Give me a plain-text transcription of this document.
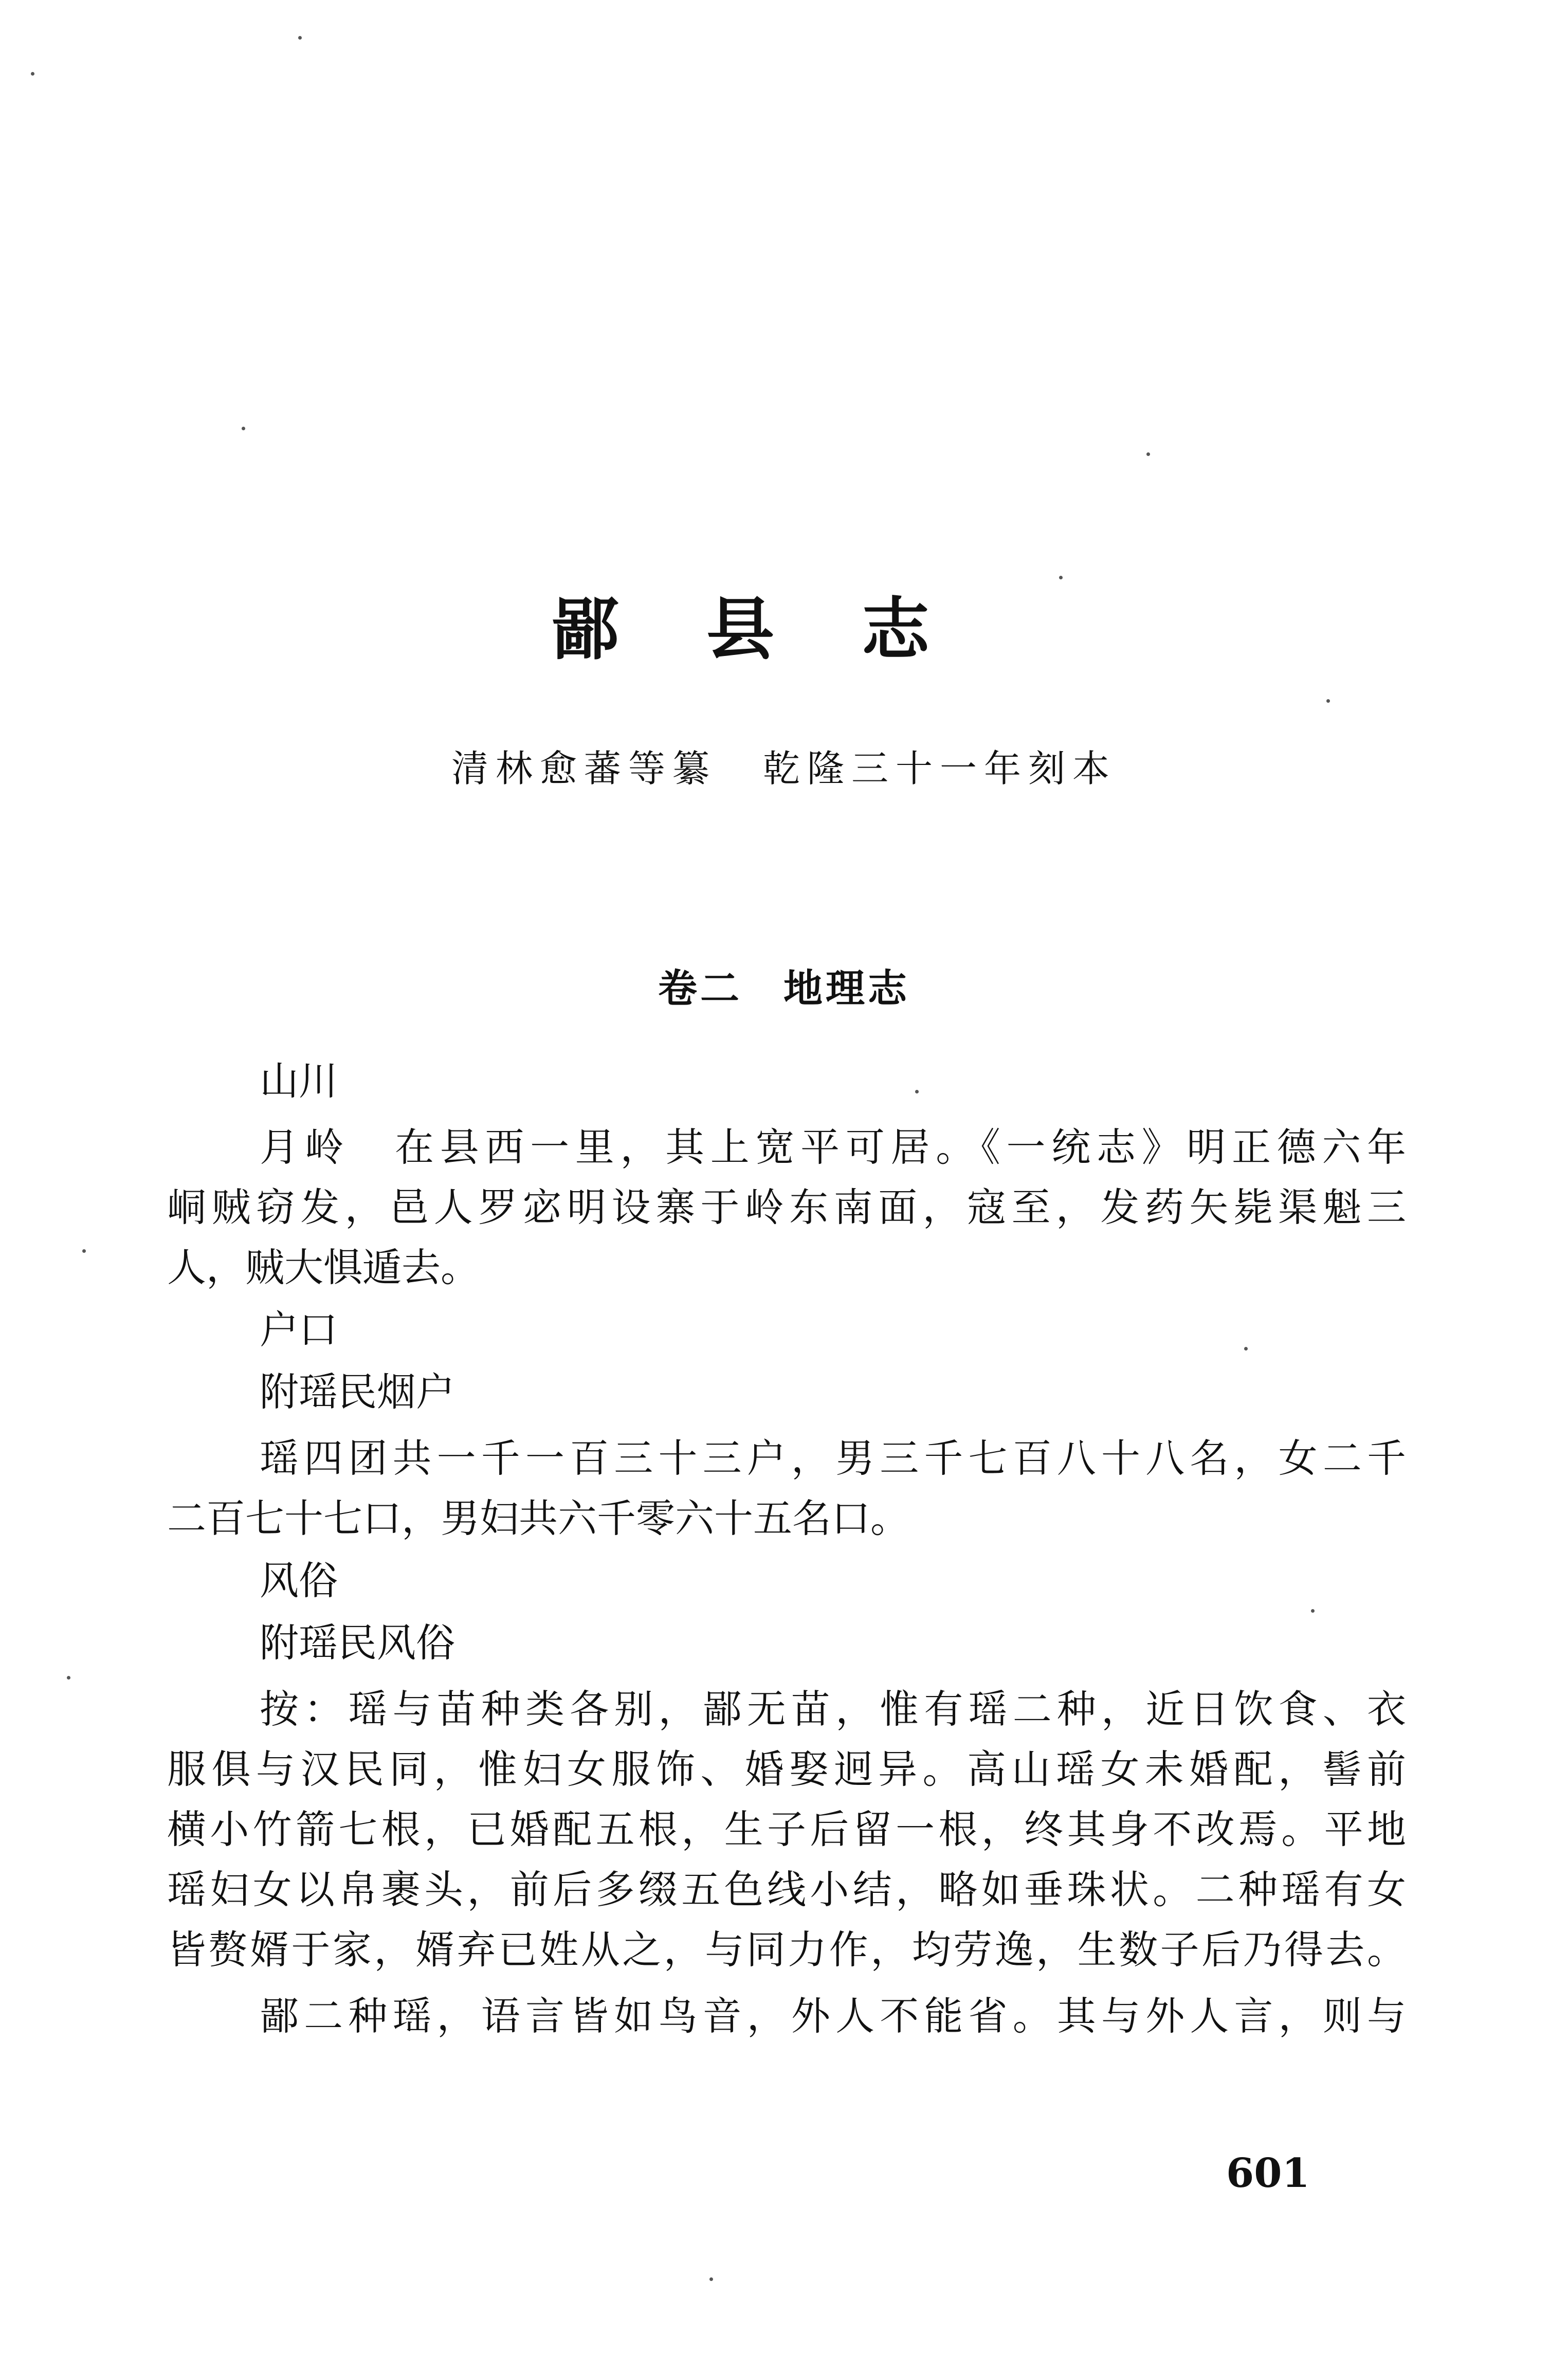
鄙县志
清林愈蕃等纂 乾隆三十一年刻本
卷二 地理志
山川
月岭　在县西一里，其上宽平可居。《一统志》明正德六年
峒贼窃发，邑人罗宓明设寨于岭东南面，寇至，发药矢毙渠魁三
人，贼大惧遁去。
户口
附瑶民烟户
瑶四团共一千一百三十三户，男三千七百八十八名，女二千
二百七十七口，男妇共六千零六十五名口。
风俗
附瑶民风俗
按：瑶与苗种类各别，鄙无苗，惟有瑶二种，近日饮食、衣
服俱与汉民同，惟妇女服饰、婚娶迥异。高山瑶女未婚配，髻前
横小竹箭七根，已婚配五根，生子后留一根，终其身不改焉。平地
瑶妇女以帛裹头，前后多缀五色线小结，略如垂珠状。二种瑶有女
皆赘婿于家，婿弃已姓从之，与同力作，均劳逸，生数子后乃得去。
鄙二种瑶，语言皆如鸟音，外人不能省。其与外人言，则与
601
